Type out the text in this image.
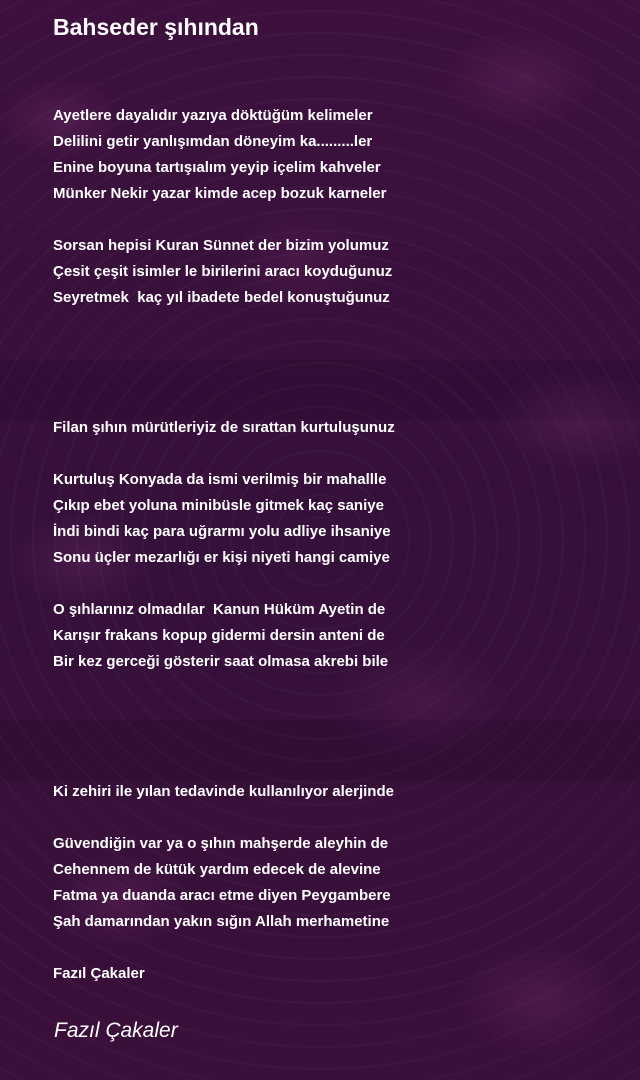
Bahseder şıhından
Ayetlere dayalıdır yazıya döktüğüm kelimeler
Delilini getir yanlışımdan döneyim ka.........ler
Enine boyuna tartışıalım yeyip içelim kahveler
Münker Nekir yazar kimde acep bozuk karneler
Sorsan hepisi Kuran Sünnet der bizim yolumuz
Çesit çeşit isimler le birilerini aracı koyduğunuz
Seyretmek  kaç yıl ibadete bedel konuştuğunuz
Filan şıhın mürütleriyiz de sırattan kurtuluşunuz
Kurtuluş Konyada da ismi verilmiş bir mahallle
Çıkıp ebet yoluna minibüsle gitmek kaç saniye
İndi bindi kaç para uğrarmı yolu adliye ihsaniye
Sonu üçler mezarlığı er kişi niyeti hangi camiye
O şıhlarınız olmadılar  Kanun Hüküm Ayetin de
Karışır frakans kopup gidermi dersin anteni de
Bir kez gerceği gösterir saat olmasa akrebi bile
Ki zehiri ile yılan tedavinde kullanılıyor alerjinde
Güvendiğin var ya o şıhın mahşerde aleyhin de
Cehennem de kütük yardım edecek de alevine
Fatma ya duanda aracı etme diyen Peygambere
Şah damarından yakın sığın Allah merhametine
Fazıl Çakaler
Fazıl Çakaler
